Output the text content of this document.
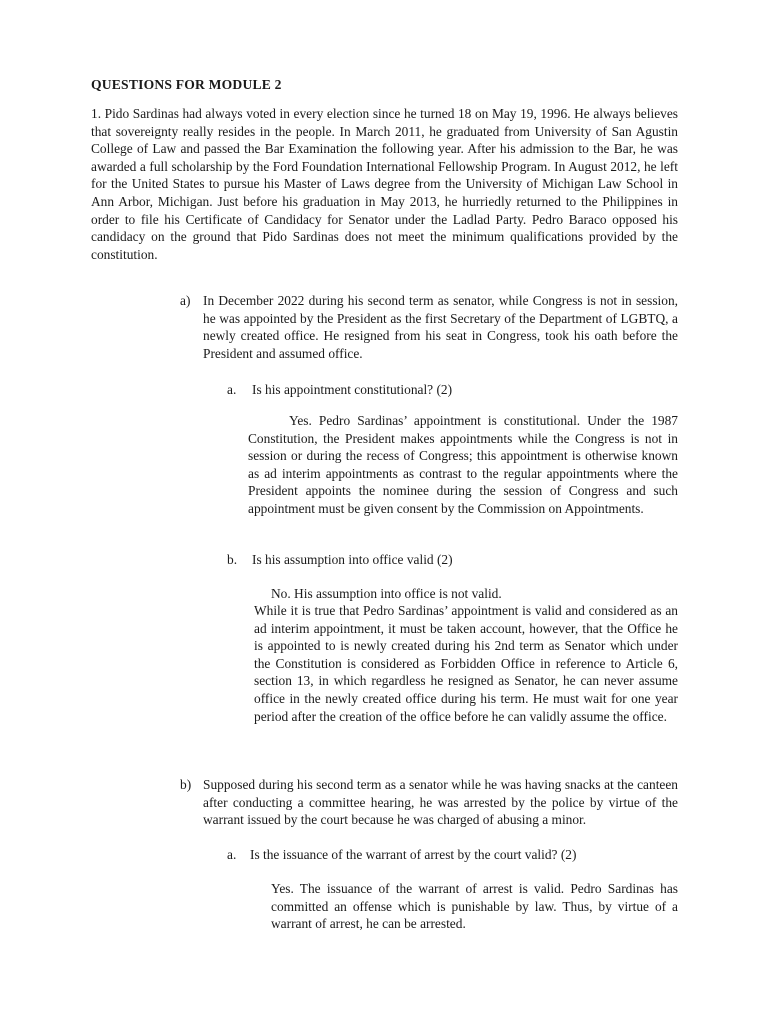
QUESTIONS FOR MODULE 2
1. Pido Sardinas had always voted in every election since he turned 18 on May 19, 1996. He always believes that sovereignty really resides in the people. In March 2011, he graduated from University of San Agustin College of Law and passed the Bar Examination the following year. After his admission to the Bar, he was awarded a full scholarship by the Ford Foundation International Fellowship Program. In August 2012, he left for the United States to pursue his Master of Laws degree from the University of Michigan Law School in Ann Arbor, Michigan. Just before his graduation in May 2013, he hurriedly returned to the Philippines in order to file his Certificate of Candidacy for Senator under the Ladlad Party. Pedro Baraco opposed his candidacy on the ground that Pido Sardinas does not meet the minimum qualifications provided by the constitution.
a) In December 2022 during his second term as senator, while Congress is not in session, he was appointed by the President as the first Secretary of the Department of LGBTQ, a newly created office. He resigned from his seat in Congress, took his oath before the President and assumed office.
a. Is his appointment constitutional? (2)
Yes. Pedro Sardinas’ appointment is constitutional. Under the 1987 Constitution, the President makes appointments while the Congress is not in session or during the recess of Congress; this appointment is otherwise known as ad interim appointments as contrast to the regular appointments where the President appoints the nominee during the session of Congress and such appointment must be given consent by the Commission on Appointments.
b. Is his assumption into office valid (2)
No. His assumption into office is not valid.
While it is true that Pedro Sardinas’ appointment is valid and considered as an ad interim appointment, it must be taken account, however, that the Office he is appointed to is newly created during his 2nd term as Senator which under the Constitution is considered as Forbidden Office in reference to Article 6, section 13, in which regardless he resigned as Senator, he can never assume office in the newly created office during his term. He must wait for one year period after the creation of the office before he can validly assume the office.
b) Supposed during his second term as a senator while he was having snacks at the canteen after conducting a committee hearing, he was arrested by the police by virtue of the warrant issued by the court because he was charged of abusing a minor.
a. Is the issuance of the warrant of arrest by the court valid? (2)
Yes. The issuance of the warrant of arrest is valid. Pedro Sardinas has committed an offense which is punishable by law. Thus, by virtue of a warrant of arrest, he can be arrested.
